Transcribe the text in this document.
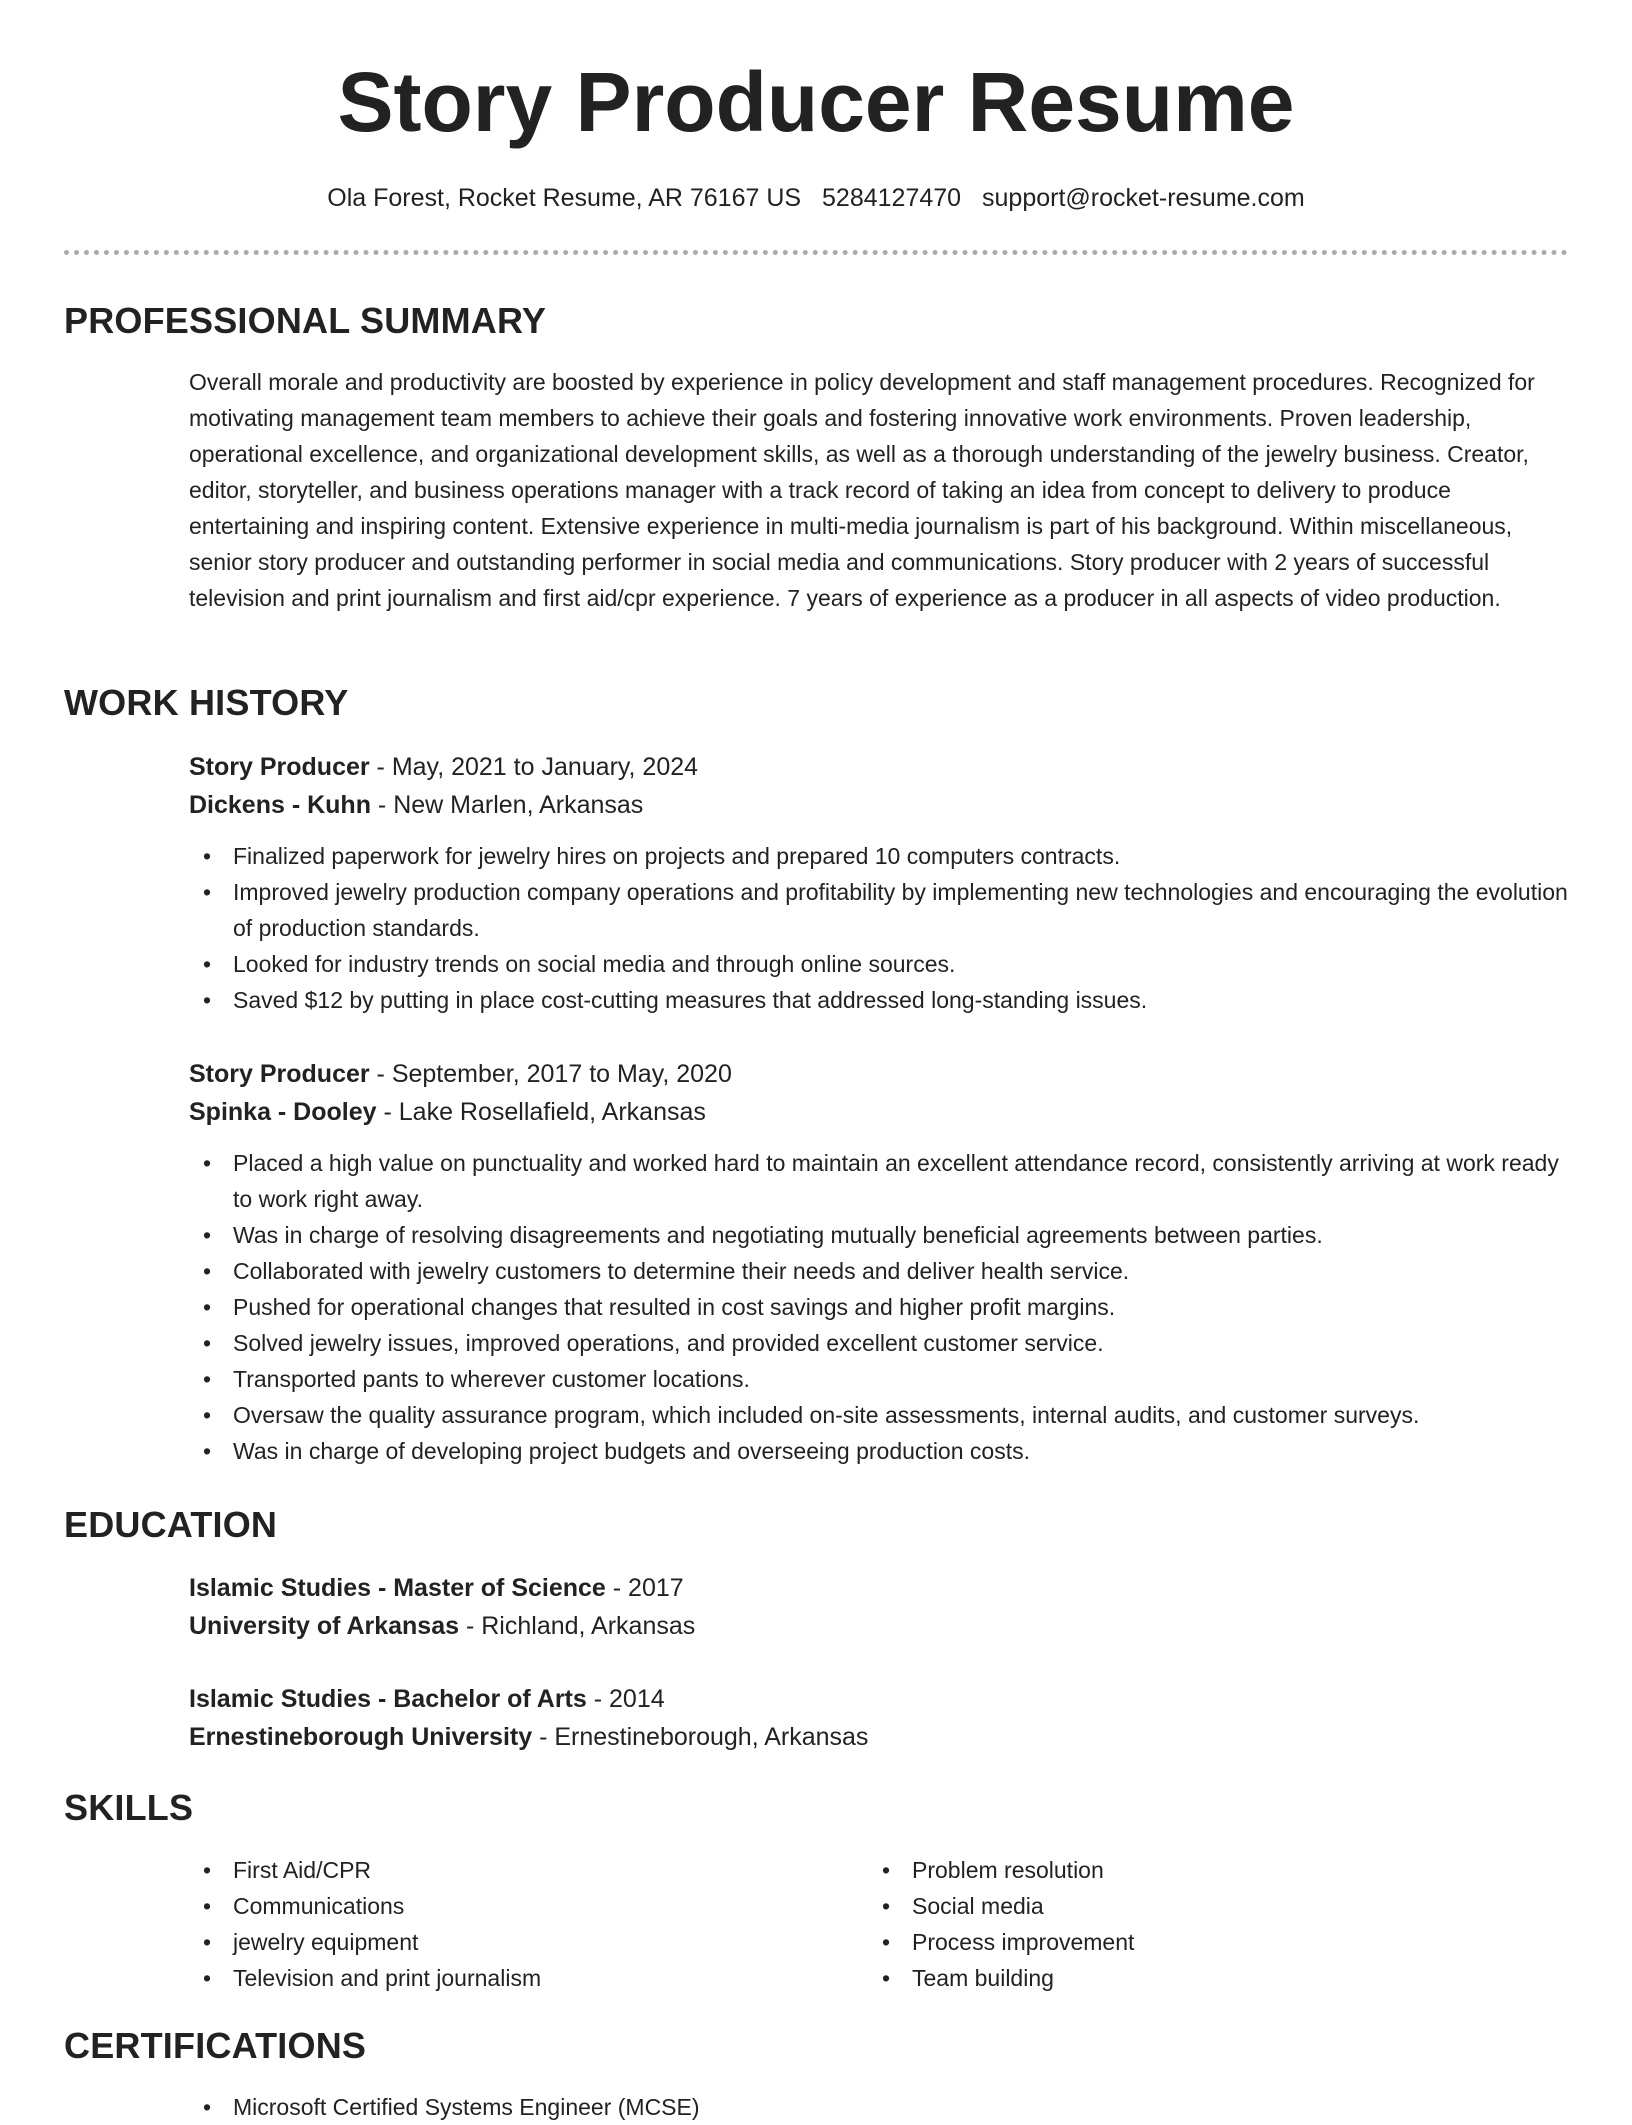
Story Producer Resume
Ola Forest, Rocket Resume, AR 76167 US 5284127470 support@rocket-resume.com
PROFESSIONAL SUMMARY

Overall morale and productivity are boosted by experience in policy development and staff management procedures. Recognized for motivating management team members to achieve their goals and fostering innovative work environments. Proven leadership, operational excellence, and organizational development skills, as well as a thorough understanding of the jewelry business. Creator, editor, storyteller, and business operations manager with a track record of taking an idea from concept to delivery to produce entertaining and inspiring content. Extensive experience in multi-media journalism is part of his background. Within miscellaneous, senior story producer and outstanding performer in social media and communications. Story producer with 2 years of successful television and print journalism and first aid/cpr experience. 7 years of experience as a producer in all aspects of video production.

WORK HISTORY

Story Producer - May, 2021 to January, 2024

Dickens - Kuhn - New Marlen, Arkansas

• Finalized paperwork for jewelry hires on projects and prepared 10 computers contracts.
• Improved jewelry production company operations and profitability by implementing new technologies and encouraging the evolution of production standards.
• Looked for industry trends on social media and through online sources.
• Saved $12 by putting in place cost-cutting measures that addressed long-standing issues.

Story Producer - September, 2017 to May, 2020

Spinka - Dooley - Lake Rosellafield, Arkansas

• Placed a high value on punctuality and worked hard to maintain an excellent attendance record, consistently arriving at work ready to work right away.
• Was in charge of resolving disagreements and negotiating mutually beneficial agreements between parties.
• Collaborated with jewelry customers to determine their needs and deliver health service.
• Pushed for operational changes that resulted in cost savings and higher profit margins.
• Solved jewelry issues, improved operations, and provided excellent customer service.
• Transported pants to wherever customer locations.
• Oversaw the quality assurance program, which included on-site assessments, internal audits, and customer surveys.
• Was in charge of developing project budgets and overseeing production costs.
EDUCATION

Islamic Studies - Master of Science - 2017

University of Arkansas - Richland, Arkansas

Islamic Studies - Bachelor of Arts - 2014

Ernestineborough University - Ernestineborough, Arkansas

SKILLS
• First Aid/CPR
• Communications
• jewelry equipment
• Television and print journalism
• Problem resolution
• Social media
• Process improvement
• Team building
CERTIFICATIONS
• Microsoft Certified Systems Engineer (MCSE)
